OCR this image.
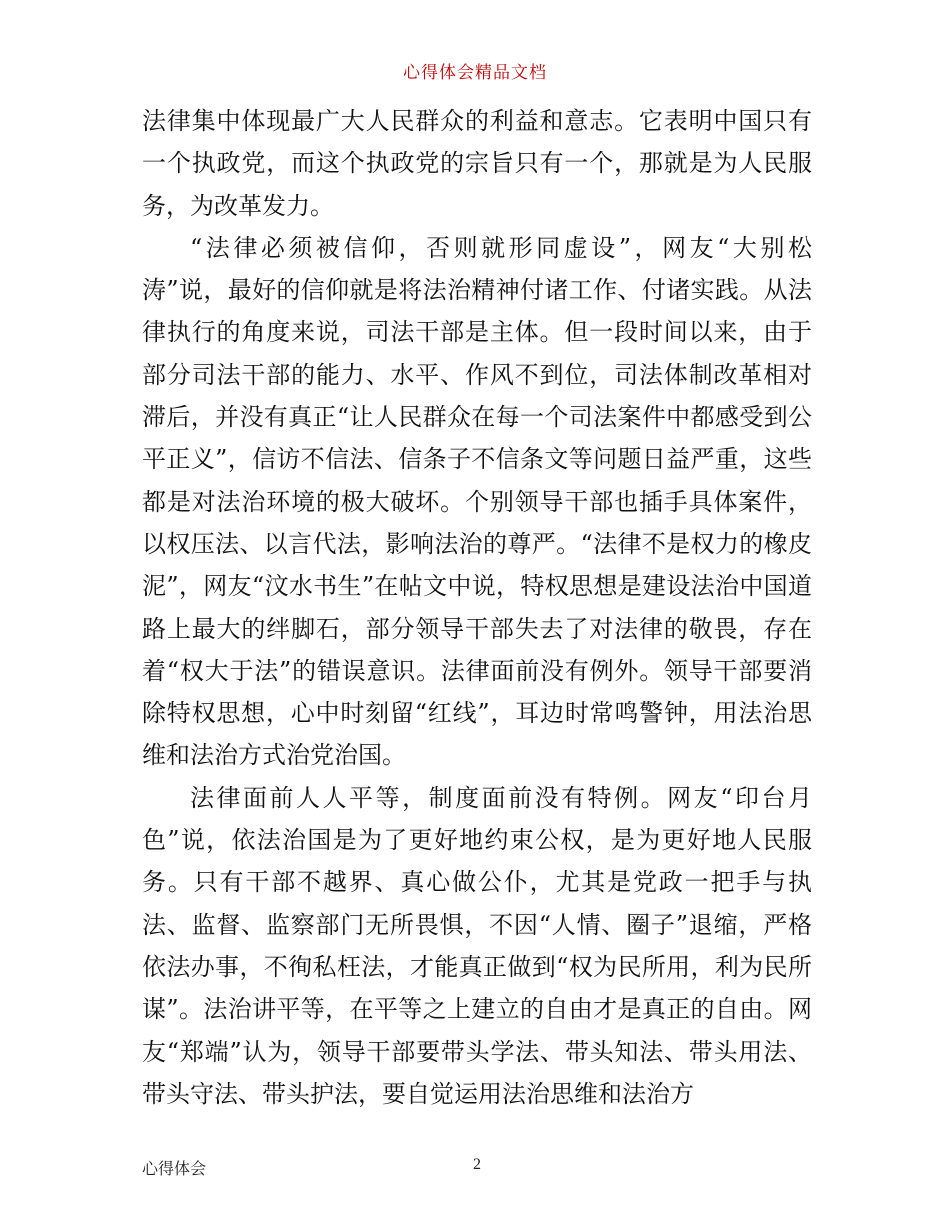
心得体会精品文档

法律集中体现最广大人民群众的利益和意志。它表明中国只有一个执政党，而这个执政党的宗旨只有一个，那就是为人民服务，为改革发力。

“法律必须被信仰，否则就形同虚设”，网友“大别松涛”说，最好的信仰就是将法治精神付诸工作、付诸实践。从法律执行的角度来说，司法干部是主体。但一段时间以来，由于部分司法干部的能力、水平、作风不到位，司法体制改革相对滞后，并没有真正“让人民群众在每一个司法案件中都感受到公平正义”，信访不信法、信条子不信条文等问题日益严重，这些都是对法治环境的极大破坏。个别领导干部也插手具体案件，以权压法、以言代法，影响法治的尊严。“法律不是权力的橡皮泥”，网友“汶水书生”在帖文中说，特权思想是建设法治中国道路上最大的绊脚石，部分领导干部失去了对法律的敬畏，存在着“权大于法”的错误意识。法律面前没有例外。领导干部要消除特权思想，心中时刻留“红线”，耳边时常鸣警钟，用法治思维和法治方式治党治国。

法律面前人人平等，制度面前没有特例。网友“印台月色”说，依法治国是为了更好地约束公权，是为更好地人民服务。只有干部不越界、真心做公仆，尤其是党政一把手与执法、监督、监察部门无所畏惧，不因“人情、圈子”退缩，严格依法办事，不徇私枉法，才能真正做到“权为民所用，利为民所谋”。法治讲平等，在平等之上建立的自由才是真正的自由。网友“郑端”认为，领导干部要带头学法、带头知法、带头用法、带头守法、带头护法，要自觉运用法治思维和法治方

心得体会	2
